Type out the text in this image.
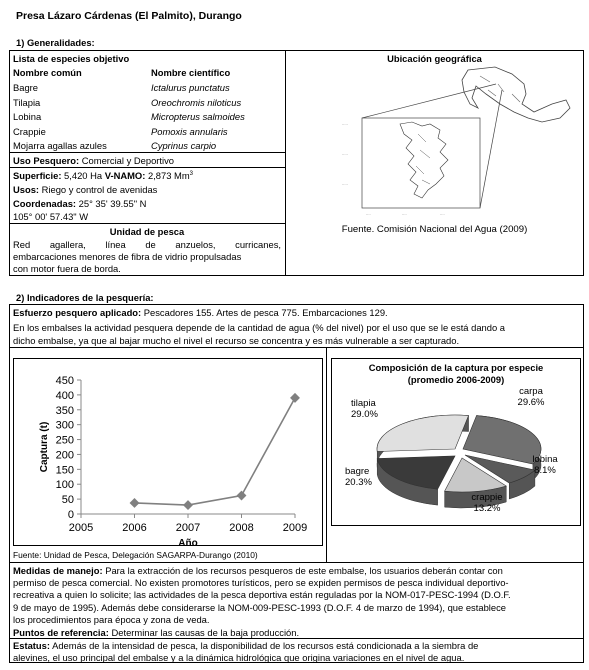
Presa Lázaro Cárdenas (El Palmito), Durango
1) Generalidades:
Lista de especies objetivo
Nombre común	Nombre científico
Bagre	Ictalurus punctatus
Tilapia	Oreochromis niloticus
Lobina	Micropterus salmoides
Crappie	Pomoxis annularis
Mojarra agallas azules	Cyprinus carpio
Uso Pesquero: Comercial y Deportivo
Superficie: 5,420 Ha V-NAMO: 2,873 Mm$^3$
Usos: Riego y control de avenidas
Coordenadas: 25° 35' 39.55" N
105° 00' 57.43" W
Unidad de pesca
Red agallera, línea de anzuelos, curricanes,
embarcaciones menores de fibra de vidrio propulsadas
con motor fuera de borda.
Ubicación geográfica
·····
·····
·····
····	····	····
Fuente. Comisión Nacional del Agua (2009)
2) Indicadores de la pesquería:
Esfuerzo pesquero aplicado: Pescadores 155. Artes de pesca 775. Embarcaciones 129.
En los embalses la actividad pesquera depende de la cantidad de agua (% del nivel) por el uso que se le está dando a
dicho embalse, ya que al bajar mucho el nivel el recurso se concentra y es más vulnerable a ser capturado.
0
50
100
150
200
250
300
350
400
450
2005	2006	2007	2008	2009
Año
Captura (t)
Fuente: Unidad de Pesca, Delegación SAGARPA-Durango (2010)
Composición de la captura por especie
(promedio 2006-2009)
carpa
29.6%
lobina
8.1%
crappie
13.2%
bagre
20.3%
tilapia
29.0%
Medidas de manejo: Para la extracción de los recursos pesqueros de este embalse, los usuarios deberán contar con
permiso de pesca comercial. No existen promotores turísticos, pero se expiden permisos de pesca individual deportivo-
recreativa a quien lo solicite; las actividades de la pesca deportiva están reguladas por la NOM-017-PESC-1994 (D.O.F.
9 de mayo de 1995). Además debe considerarse la NOM-009-PESC-1993 (D.O.F. 4 de marzo de 1994), que establece
los procedimientos para época y zona de veda.
Puntos de referencia: Determinar las causas de la baja producción.
Estatus: Además de la intensidad de pesca, la disponibilidad de los recursos está condicionada a la siembra de
alevines, el uso principal del embalse y a la dinámica hidrológica que origina variaciones en el nivel de agua.
